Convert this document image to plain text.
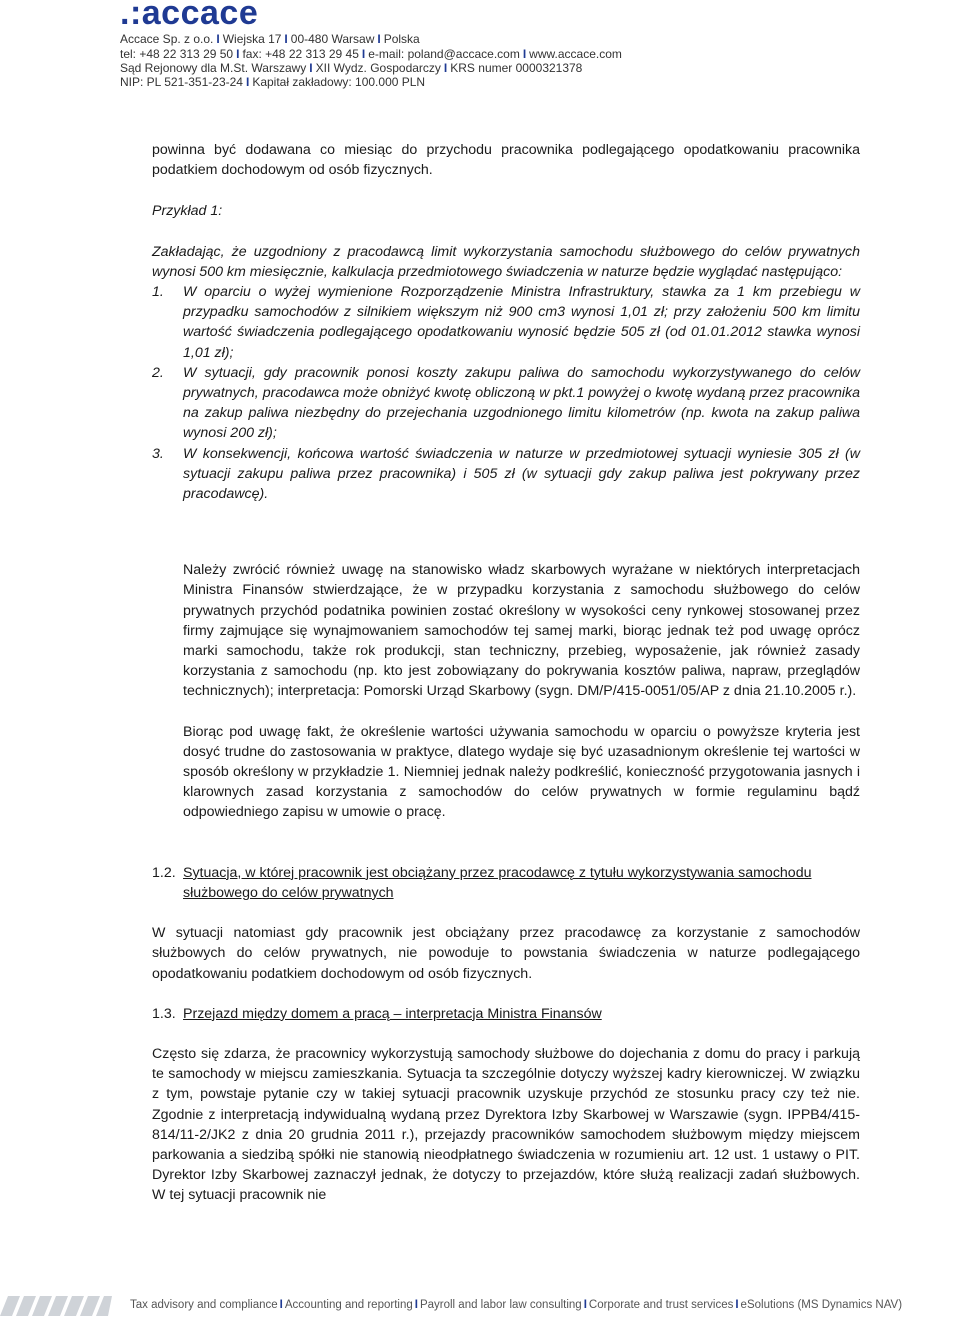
.:accace
Accace Sp. z o.o. I Wiejska 17 I 00-480 Warsaw I Polska
tel: +48 22 313 29 50 I fax: +48 22 313 29 45 I e-mail: poland@accace.com I www.accace.com
Sąd Rejonowy dla M.St. Warszawy I XII Wydz. Gospodarczy I KRS numer 0000321378
NIP: PL 521-351-23-24 I Kapitał zakładowy: 100.000 PLN

powinna być dodawana co miesiąc do przychodu pracownika podlegającego opodatkowaniu pracownika podatkiem dochodowym od osób fizycznych.

Przykład 1:

Zakładając, że uzgodniony z pracodawcą limit wykorzystania samochodu służbowego do celów prywatnych wynosi 500 km miesięcznie, kalkulacja przedmiotowego świadczenia w naturze będzie wyglądać następująco:

1. W oparciu o wyżej wymienione Rozporządzenie Ministra Infrastruktury, stawka za 1 km przebiegu w przypadku samochodów z silnikiem większym niż 900 cm3 wynosi 1,01 zł; przy założeniu 500 km limitu wartość świadczenia podlegającego opodatkowaniu wynosić będzie 505 zł (od 01.01.2012 stawka wynosi 1,01 zł);
2. W sytuacji, gdy pracownik ponosi koszty zakupu paliwa do samochodu wykorzystywanego do celów prywatnych, pracodawca może obniżyć kwotę obliczoną w pkt.1 powyżej o kwotę wydaną przez pracownika na zakup paliwa niezbędny do przejechania uzgodnionego limitu kilometrów (np. kwota na zakup paliwa wynosi 200 zł);
3. W konsekwencji, końcowa wartość świadczenia w naturze w przedmiotowej sytuacji wyniesie 305 zł (w sytuacji zakupu paliwa przez pracownika) i 505 zł (w sytuacji gdy zakup paliwa jest pokrywany przez pracodawcę).

Należy zwrócić również uwagę na stanowisko władz skarbowych wyrażane w niektórych interpretacjach Ministra Finansów stwierdzające, że w przypadku korzystania z samochodu służbowego do celów prywatnych przychód podatnika powinien zostać określony w wysokości ceny rynkowej stosowanej przez firmy zajmujące się wynajmowaniem samochodów tej samej marki, biorąc jednak też pod uwagę oprócz marki samochodu, także rok produkcji, stan techniczny, przebieg, wyposażenie, jak również zasady korzystania z samochodu (np. kto jest zobowiązany do pokrywania kosztów paliwa, napraw, przeglądów technicznych); interpretacja: Pomorski Urząd Skarbowy (sygn. DM/P/415-0051/05/AP z dnia 21.10.2005 r.).

Biorąc pod uwagę fakt, że określenie wartości używania samochodu w oparciu o powyższe kryteria jest dosyć trudne do zastosowania w praktyce, dlatego wydaje się być uzasadnionym określenie tej wartości w sposób określony w przykładzie 1. Niemniej jednak należy podkreślić, konieczność przygotowania jasnych i klarownych zasad korzystania z samochodów do celów prywatnych w formie regulaminu bądź odpowiedniego zapisu w umowie o pracę.

1.2. Sytuacja, w której pracownik jest obciążany przez pracodawcę z tytułu wykorzystywania samochodu służbowego do celów prywatnych

W sytuacji natomiast gdy pracownik jest obciążany przez pracodawcę za korzystanie z samochodów służbowych do celów prywatnych, nie powoduje to powstania świadczenia w naturze podlegającego opodatkowaniu podatkiem dochodowym od osób fizycznych.

1.3. Przejazd między domem a pracą – interpretacja Ministra Finansów

Często się zdarza, że pracownicy wykorzystują samochody służbowe do dojechania z domu do pracy i parkują te samochody w miejscu zamieszkania. Sytuacja ta szczególnie dotyczy wyższej kadry kierowniczej. W związku z tym, powstaje pytanie czy w takiej sytuacji pracownik uzyskuje przychód ze stosunku pracy czy też nie. Zgodnie z interpretacją indywidualną wydaną przez Dyrektora Izby Skarbowej w Warszawie (sygn. IPPB4/415-814/11-2/JK2 z dnia 20 grudnia 2011 r.), przejazdy pracowników samochodem służbowym między miejscem parkowania a siedzibą spółki nie stanowią nieodpłatnego świadczenia w rozumieniu art. 12 ust. 1 ustawy o PIT. Dyrektor Izby Skarbowej zaznaczył jednak, że dotyczy to przejazdów, które służą realizacji zadań służbowych. W tej sytuacji pracownik nie

Tax advisory and compliance I Accounting and reporting I Payroll and labor law consulting I Corporate and trust services I eSolutions (MS Dynamics NAV)
